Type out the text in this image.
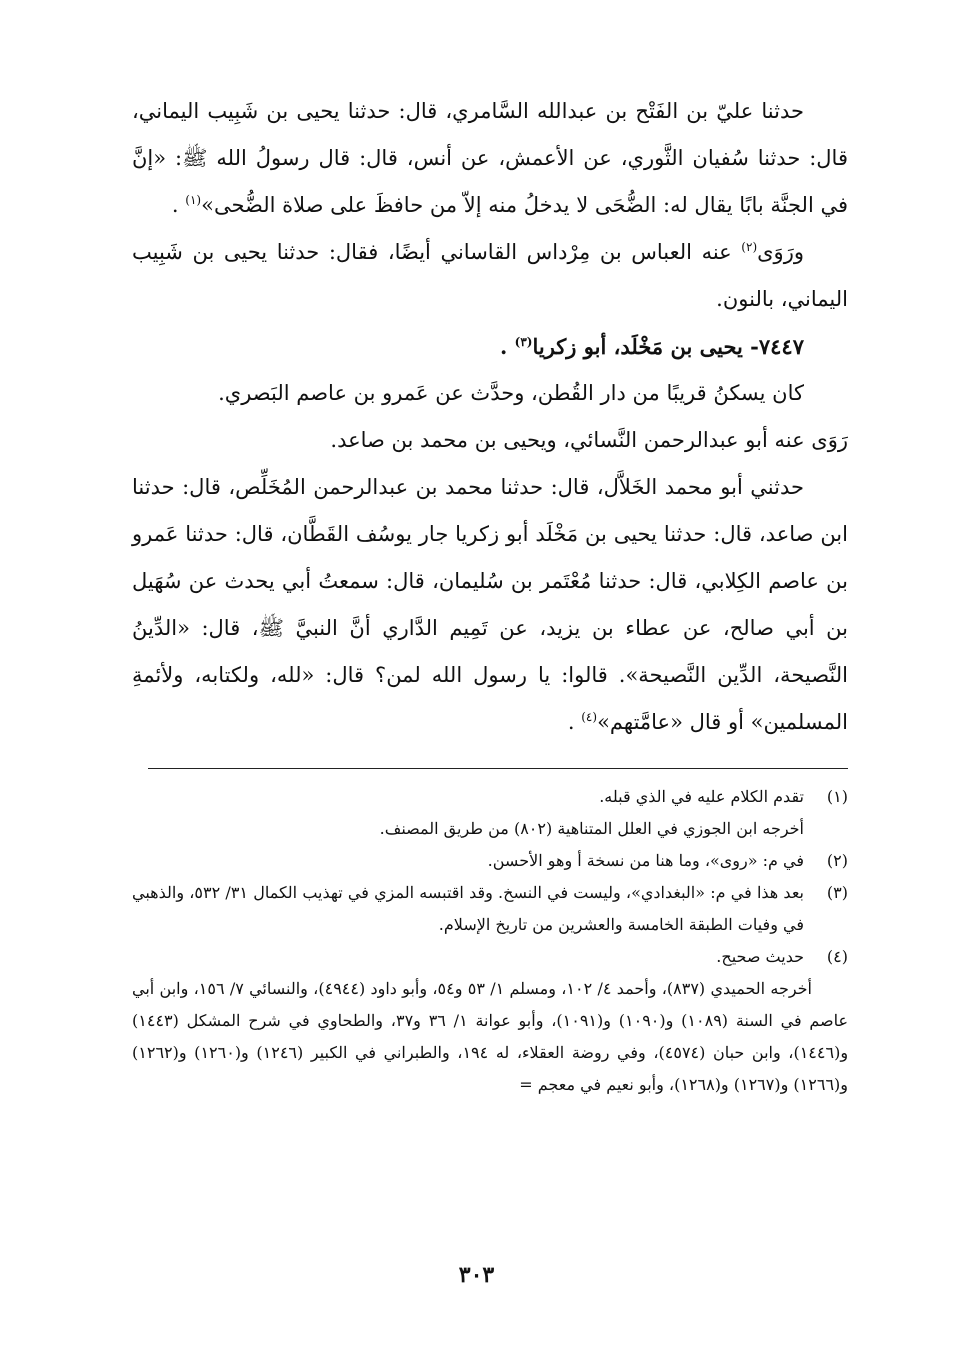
حدثنا عليّ بن الفَتْح بن عبدالله السَّامري، قال: حدثنا يحيى بن شَبِيب اليماني، قال: حدثنا سُفيان الثَّوري، عن الأعمش، عن أنس، قال: قال رسولُ الله ﷺ: «إنَّ في الجنَّة بابًا يقال له: الضُّحَى لا يدخلُ منه إلاّ من حافظَ على صلاة الضُّحى»$^{(١)}$ .

ورَوَى$^{(٢)}$ عنه العباس بن مِرْداس القاساني أيضًا، فقال: حدثنا يحيى بن شَبِيب اليماني، بالنون.

٧٤٤٧- يحيى بن مَخْلَد، أبو زكريا$^{(٣)}$ .

كان يسكنُ قريبًا من دار القُطن، وحدَّث عن عَمرو بن عاصم البَصري.

رَوَى عنه أبو عبدالرحمن النَّسائي، ويحيى بن محمد بن صاعد.

حدثني أبو محمد الخَلاَّل، قال: حدثنا محمد بن عبدالرحمن المُخَلِّص، قال: حدثنا ابن صاعد، قال: حدثنا يحيى بن مَخْلَد أبو زكريا جار يوسُف القَطَّان، قال: حدثنا عَمرو بن عاصم الكِلابي، قال: حدثنا مُعْتَمر بن سُليمان، قال: سمعتُ أبي يحدث عن سُهَيل بن أبي صالح، عن عطاء بن يزيد، عن تَمِيم الدَّاري أنَّ النبيَّ ﷺ، قال: «الدِّينُ النَّصيحة، الدِّين النَّصيحة». قالوا: يا رسول الله لمن؟ قال: «لله، ولكتابه، ولأئمةِ المسلمين» أو قال «عامَّتهم»$^{(٤)}$ .

(١)

تقدم الكلام عليه في الذي قبله.

أخرجه ابن الجوزي في العلل المتناهية (٨٠٢) من طريق المصنف.

(٢)

في م: «روى»، وما هنا من نسخة أ وهو الأحسن.

(٣)

بعد هذا في م: «البغدادي»، وليست في النسخ. وقد اقتبسه المزي في تهذيب الكمال ٣١/ ٥٣٢، والذهبي في وفيات الطبقة الخامسة والعشرين من تاريخ الإسلام.

(٤)

حديث صحيح.

أخرجه الحميدي (٨٣٧)، وأحمد ٤/ ١٠٢، ومسلم ١/ ٥٣ و٥٤، وأبو داود (٤٩٤٤)، والنسائي ٧/ ١٥٦، وابن أبي عاصم في السنة (١٠٨٩) و(١٠٩٠) و(١٠٩١)، وأبو عوانة ١/ ٣٦ و٣٧، والطحاوي في شرح المشكل (١٤٤٣) و(١٤٤٦)، وابن حبان (٤٥٧٤)، وفي روضة العقلاء، له ١٩٤، والطبراني في الكبير (١٢٤٦) و(١٢٦٠) و(١٢٦٢) و(١٢٦٦) و(١٢٦٧) و(١٢٦٨)، وأبو نعيم في معجم =

٣٠٣
